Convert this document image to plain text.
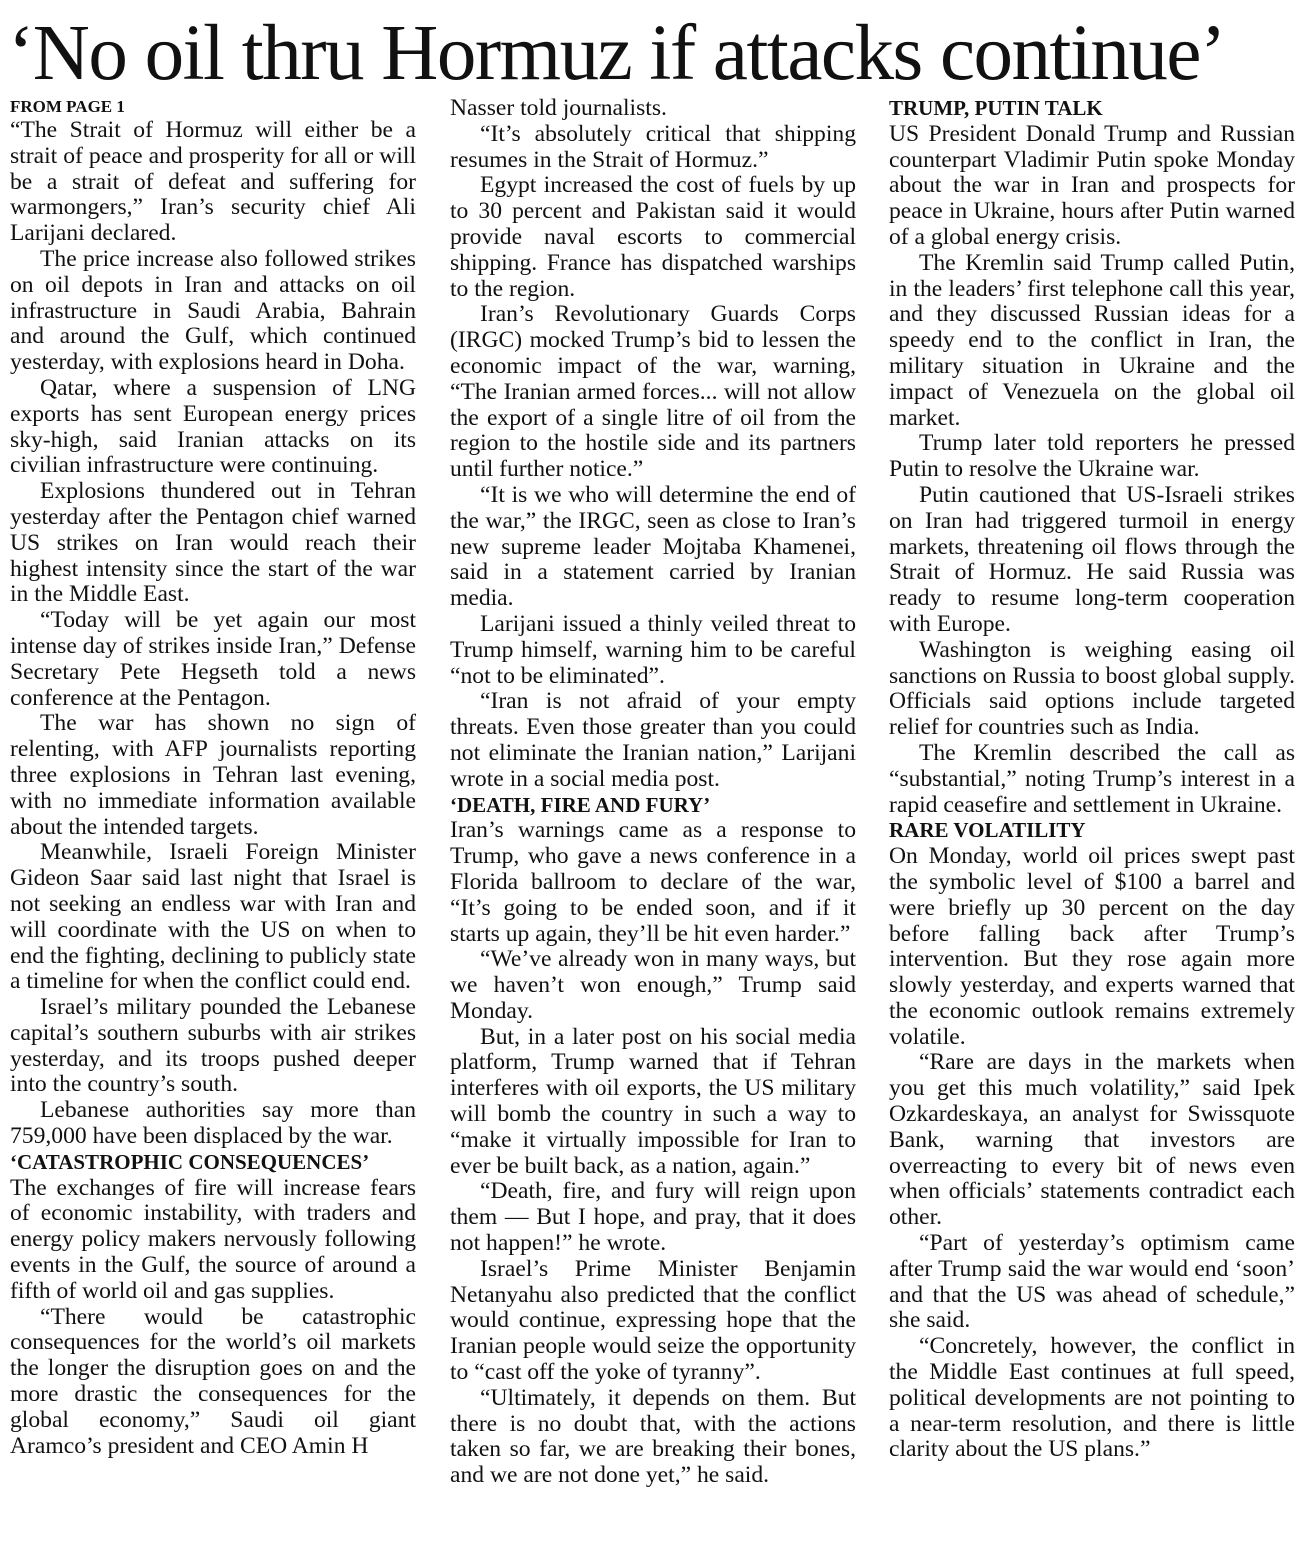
‘No oil thru Hormuz if attacks continue’
FROM PAGE 1

“The Strait of Hormuz will either be a strait of peace and prosperity for all or will be a strait of defeat and suffering for warmongers,” Iran’s security chief Ali Larijani declared.

The price increase also followed strikes on oil depots in Iran and attacks on oil infrastructure in Saudi Arabia, Bahrain and around the Gulf, which continued yesterday, with explosions heard in Doha.

Qatar, where a suspension of LNG exports has sent European energy prices sky-high, said Iranian attacks on its civilian infrastructure were continuing.

Explosions thundered out in Tehran yesterday after the Pentagon chief warned US strikes on Iran would reach their highest intensity since the start of the war in the Middle East.

“Today will be yet again our most intense day of strikes inside Iran,” Defense Secretary Pete Hegseth told a news conference at the Pentagon.

The war has shown no sign of relenting, with AFP journalists reporting three explosions in Tehran last evening, with no immediate information available about the intended targets.

Meanwhile, Israeli Foreign Minister Gideon Saar said last night that Israel is not seeking an endless war with Iran and will coordinate with the US on when to end the fighting, declining to publicly state a timeline for when the conflict could end.

Israel’s military pounded the Lebanese capital’s southern suburbs with air strikes yesterday, and its troops pushed deeper into the country’s south.

Lebanese authorities say more than 759,000 have been displaced by the war.

‘CATASTROPHIC CONSEQUENCES’

The exchanges of fire will increase fears of economic instability, with traders and energy policy makers nervously following events in the Gulf, the source of around a fifth of world oil and gas supplies.

“There would be catastrophic consequences for the world’s oil markets the longer the disruption goes on and the more drastic the consequences for the global economy,” Saudi oil giant Aramco’s president and CEO Amin H

Nasser told journalists.

“It’s absolutely critical that shipping resumes in the Strait of Hormuz.”

Egypt increased the cost of fuels by up to 30 percent and Pakistan said it would provide naval escorts to commercial shipping. France has dispatched warships to the region.

Iran’s Revolutionary Guards Corps (IRGC) mocked Trump’s bid to lessen the economic impact of the war, warning, “The Iranian armed forces... will not allow the export of a single litre of oil from the region to the hostile side and its partners until further notice.”

“It is we who will determine the end of the war,” the IRGC, seen as close to Iran’s new supreme leader Mojtaba Khamenei, said in a statement carried by Iranian media.

Larijani issued a thinly veiled threat to Trump himself, warning him to be careful “not to be eliminated”.

“Iran is not afraid of your empty threats. Even those greater than you could not eliminate the Iranian nation,” Larijani wrote in a social media post.

‘DEATH, FIRE AND FURY’

Iran’s warnings came as a response to Trump, who gave a news conference in a Florida ballroom to declare of the war, “It’s going to be ended soon, and if it starts up again, they’ll be hit even harder.”

“We’ve already won in many ways, but we haven’t won enough,” Trump said Monday.

But, in a later post on his social media platform, Trump warned that if Tehran interferes with oil exports, the US military will bomb the country in such a way to “make it virtually impossible for Iran to ever be built back, as a nation, again.”

“Death, fire, and fury will reign upon them — But I hope, and pray, that it does not happen!” he wrote.

Israel’s Prime Minister Benjamin Netanyahu also predicted that the conflict would continue, expressing hope that the Iranian people would seize the opportunity to “cast off the yoke of tyranny”.

“Ultimately, it depends on them. But there is no doubt that, with the actions taken so far, we are breaking their bones, and we are not done yet,” he said.

TRUMP, PUTIN TALK

US President Donald Trump and Russian counterpart Vladimir Putin spoke Monday about the war in Iran and prospects for peace in Ukraine, hours after Putin warned of a global energy crisis.

The Kremlin said Trump called Putin, in the leaders’ first telephone call this year, and they discussed Russian ideas for a speedy end to the conflict in Iran, the military situation in Ukraine and the impact of Venezuela on the global oil market.

Trump later told reporters he pressed Putin to resolve the Ukraine war.

Putin cautioned that US-Israeli strikes on Iran had triggered turmoil in energy markets, threatening oil flows through the Strait of Hormuz. He said Russia was ready to resume long-term cooperation with Europe.

Washington is weighing easing oil sanctions on Russia to boost global supply. Officials said options include targeted relief for countries such as India.

The Kremlin described the call as “substantial,” noting Trump’s interest in a rapid ceasefire and settlement in Ukraine.

RARE VOLATILITY

On Monday, world oil prices swept past the symbolic level of $100 a barrel and were briefly up 30 percent on the day before falling back after Trump’s intervention. But they rose again more slowly yesterday, and experts warned that the economic outlook remains extremely volatile.

“Rare are days in the markets when you get this much volatility,” said Ipek Ozkardeskaya, an analyst for Swissquote Bank, warning that investors are overreacting to every bit of news even when officials’ statements contradict each other.

“Part of yesterday’s optimism came after Trump said the war would end ‘soon’ and that the US was ahead of schedule,” she said.

“Concretely, however, the conflict in the Middle East continues at full speed, political developments are not pointing to a near-term resolution, and there is little clarity about the US plans.”
